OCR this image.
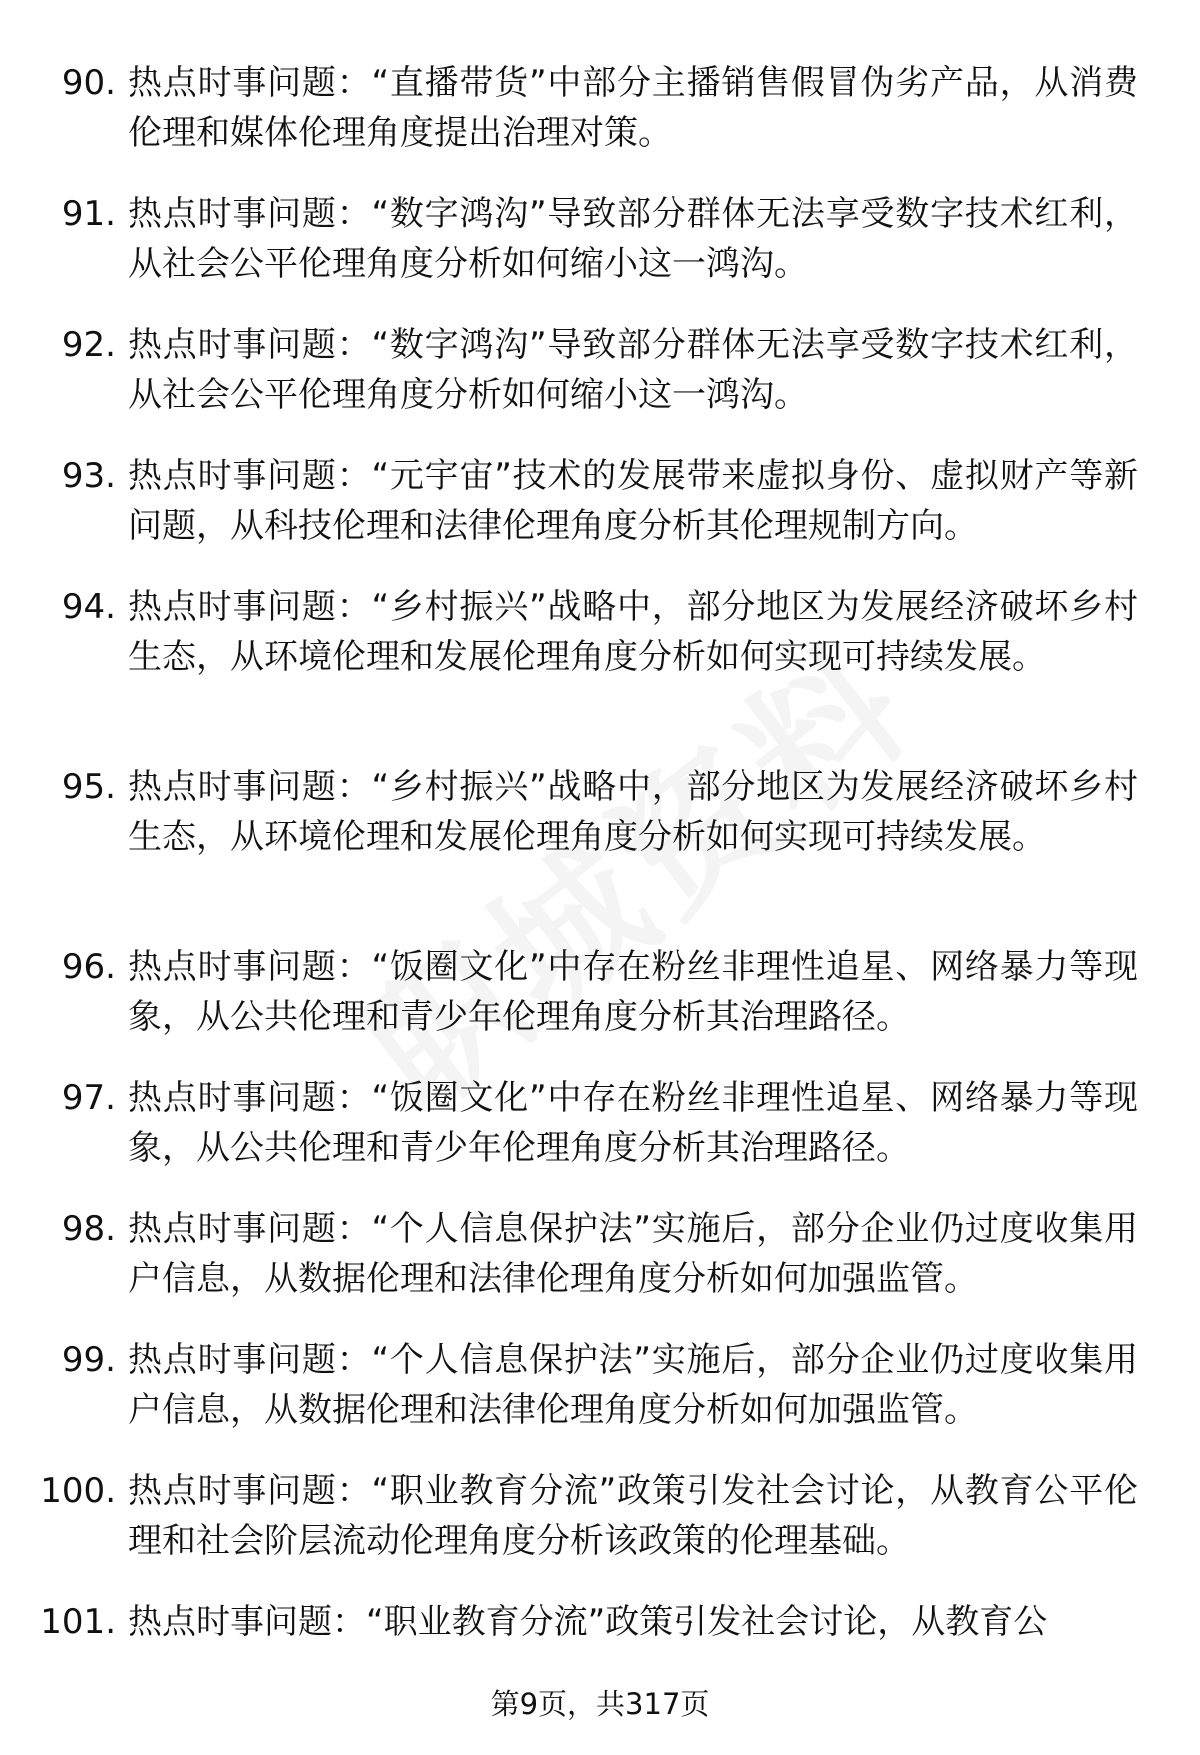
90. 热点时事问题：“直播带货”中部分主播销售假冒伪劣产品，从消费伦理和媒体伦理角度提出治理对策。
91. 热点时事问题：“数字鸿沟”导致部分群体无法享受数字技术红利，从社会公平伦理角度分析如何缩小这一鸿沟。
92. 热点时事问题：“数字鸿沟”导致部分群体无法享受数字技术红利，从社会公平伦理角度分析如何缩小这一鸿沟。
93. 热点时事问题：“元宇宙”技术的发展带来虚拟身份、虚拟财产等新问题，从科技伦理和法律伦理角度分析其伦理规制方向。
94. 热点时事问题：“乡村振兴”战略中，部分地区为发展经济破坏乡村生态，从环境伦理和发展伦理角度分析如何实现可持续发展。
95. 热点时事问题：“乡村振兴”战略中，部分地区为发展经济破坏乡村生态，从环境伦理和发展伦理角度分析如何实现可持续发展。
96. 热点时事问题：“饭圈文化”中存在粉丝非理性追星、网络暴力等现象，从公共伦理和青少年伦理角度分析其治理路径。
97. 热点时事问题：“饭圈文化”中存在粉丝非理性追星、网络暴力等现象，从公共伦理和青少年伦理角度分析其治理路径。
98. 热点时事问题：“个人信息保护法”实施后，部分企业仍过度收集用户信息，从数据伦理和法律伦理角度分析如何加强监管。
99. 热点时事问题：“个人信息保护法”实施后，部分企业仍过度收集用户信息，从数据伦理和法律伦理角度分析如何加强监管。
100. 热点时事问题：“职业教育分流”政策引发社会讨论，从教育公平伦理和社会阶层流动伦理角度分析该政策的伦理基础。
101. 热点时事问题：“职业教育分流”政策引发社会讨论，从教育公
第9页，共317页
